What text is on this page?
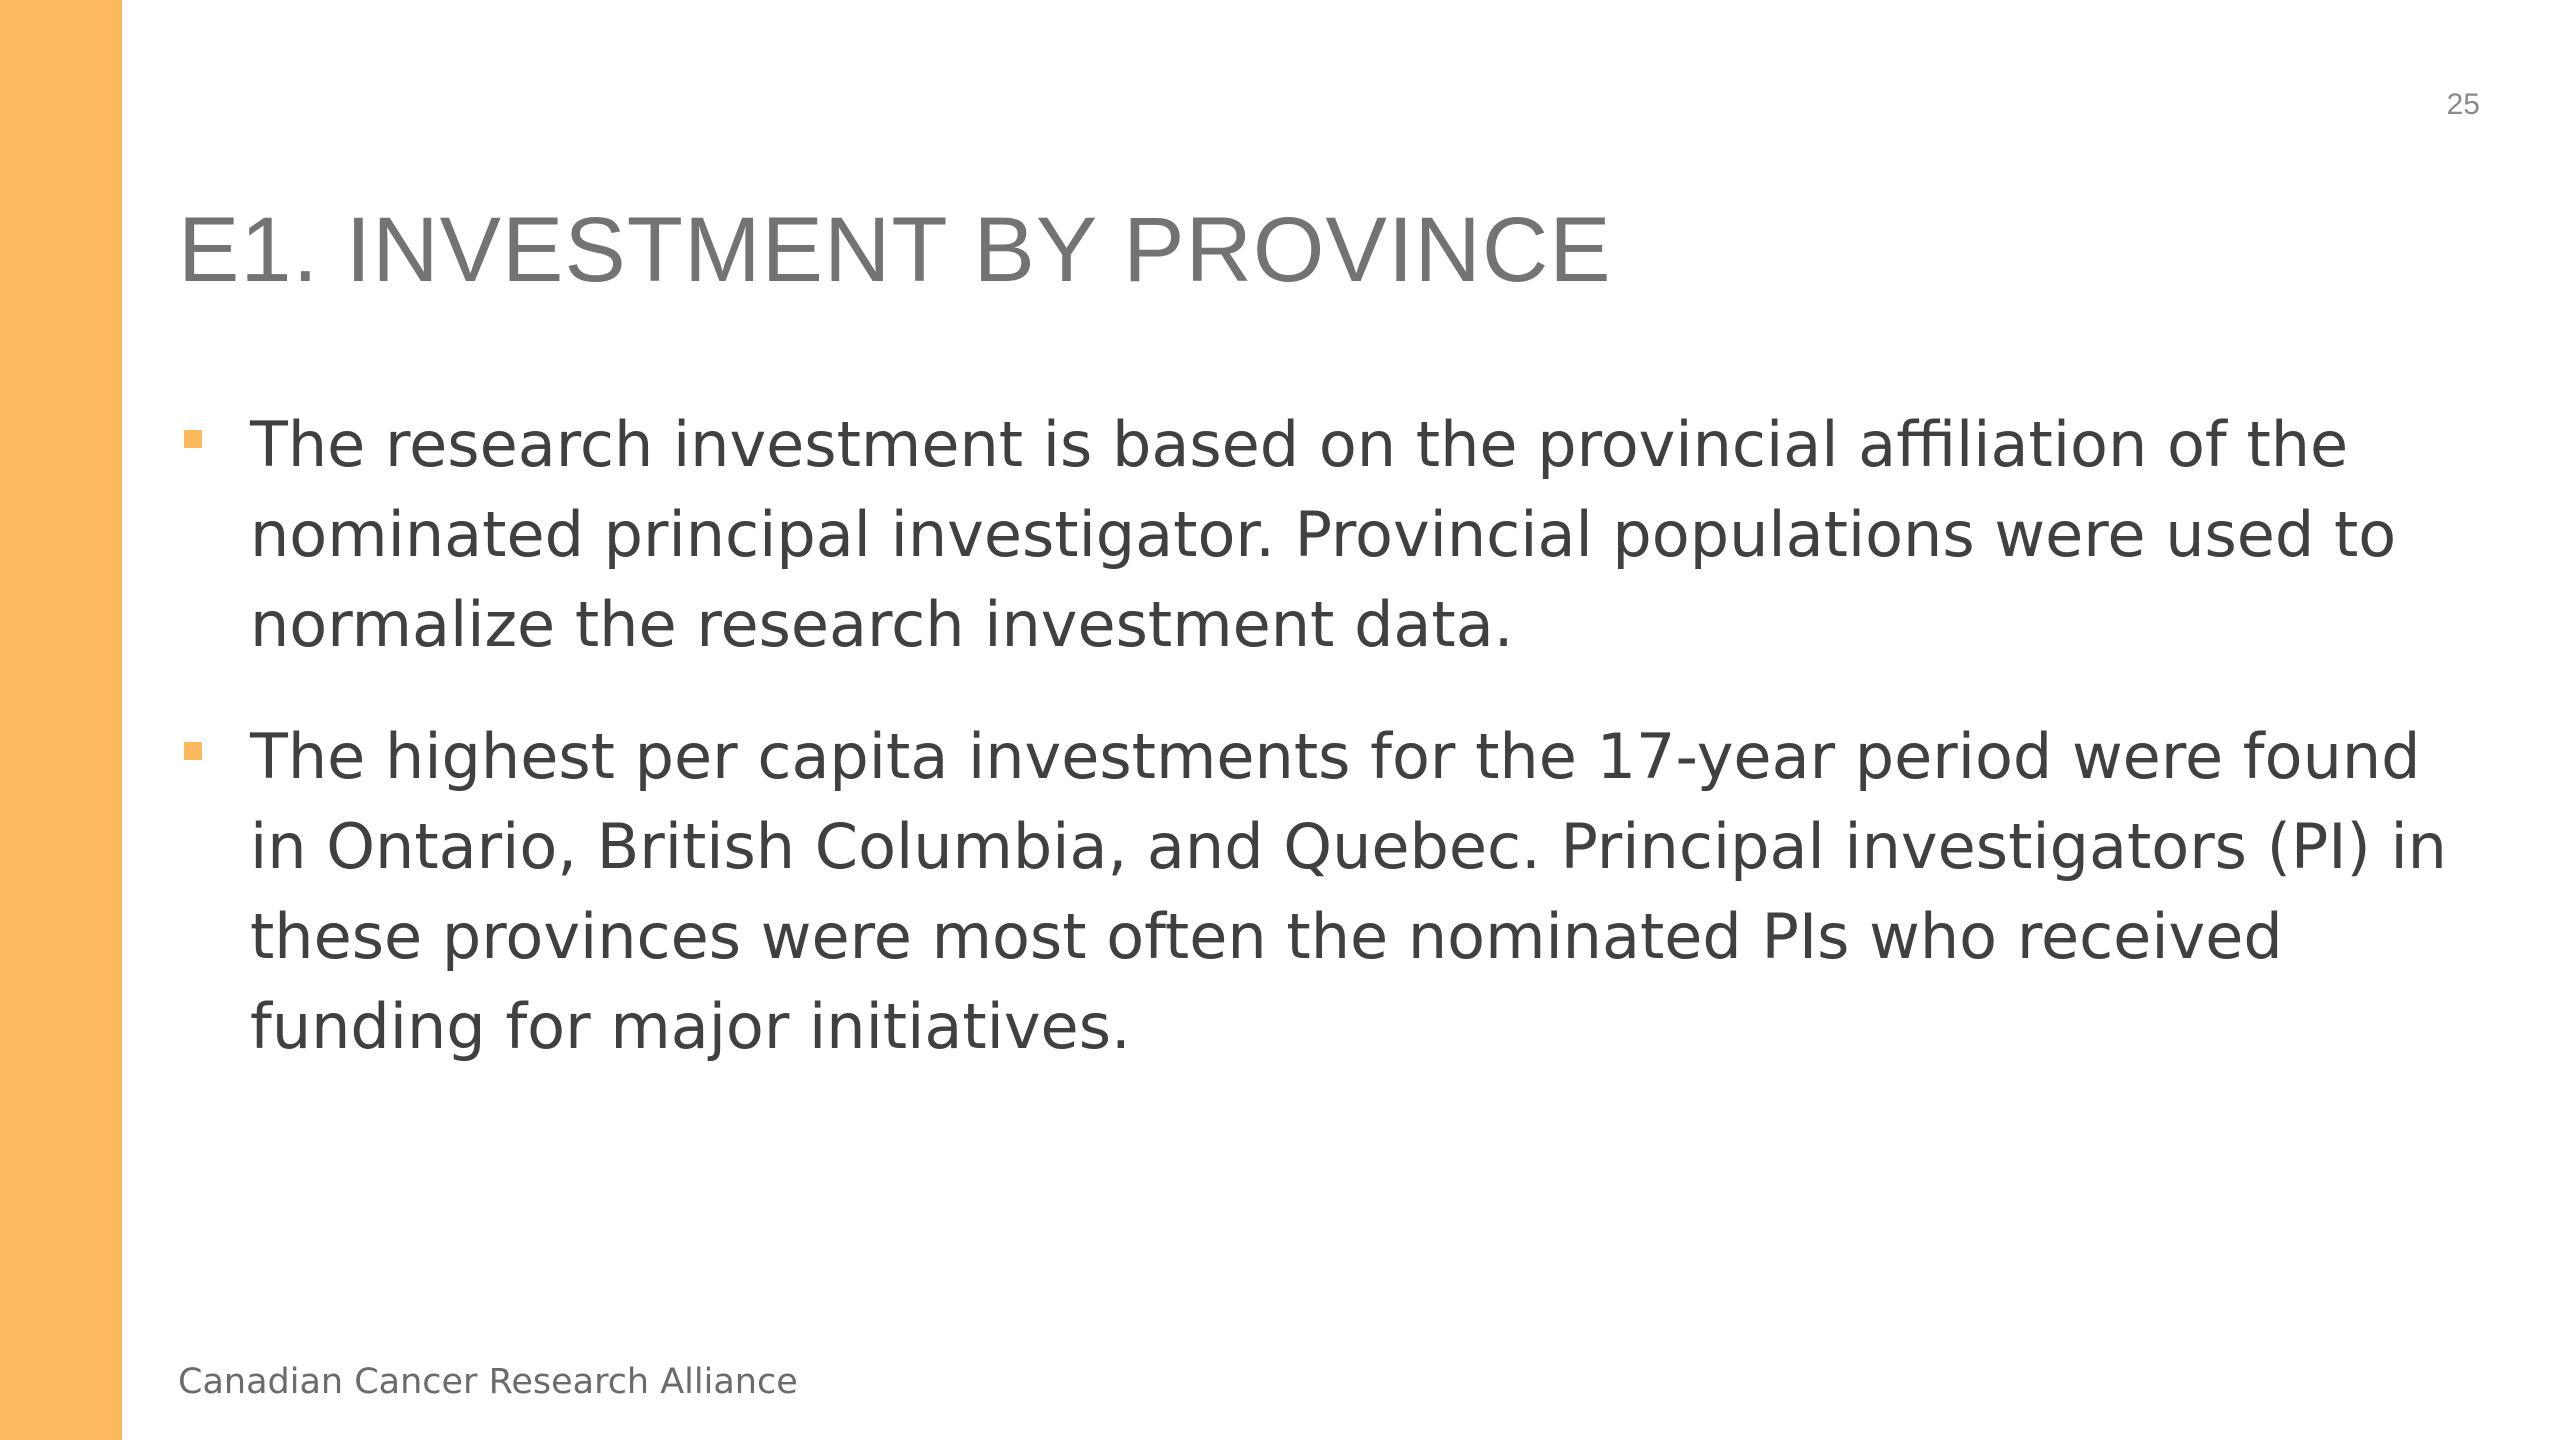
25
E1. INVESTMENT BY PROVINCE
The research investment is based on the provincial affiliation of the nominated principal investigator. Provincial populations were used to normalize the research investment data.
The highest per capita investments for the 17-year period were found in Ontario, British Columbia, and Quebec. Principal investigators (PI) in these provinces were most often the nominated PIs who received funding for major initiatives.
Canadian Cancer Research Alliance
